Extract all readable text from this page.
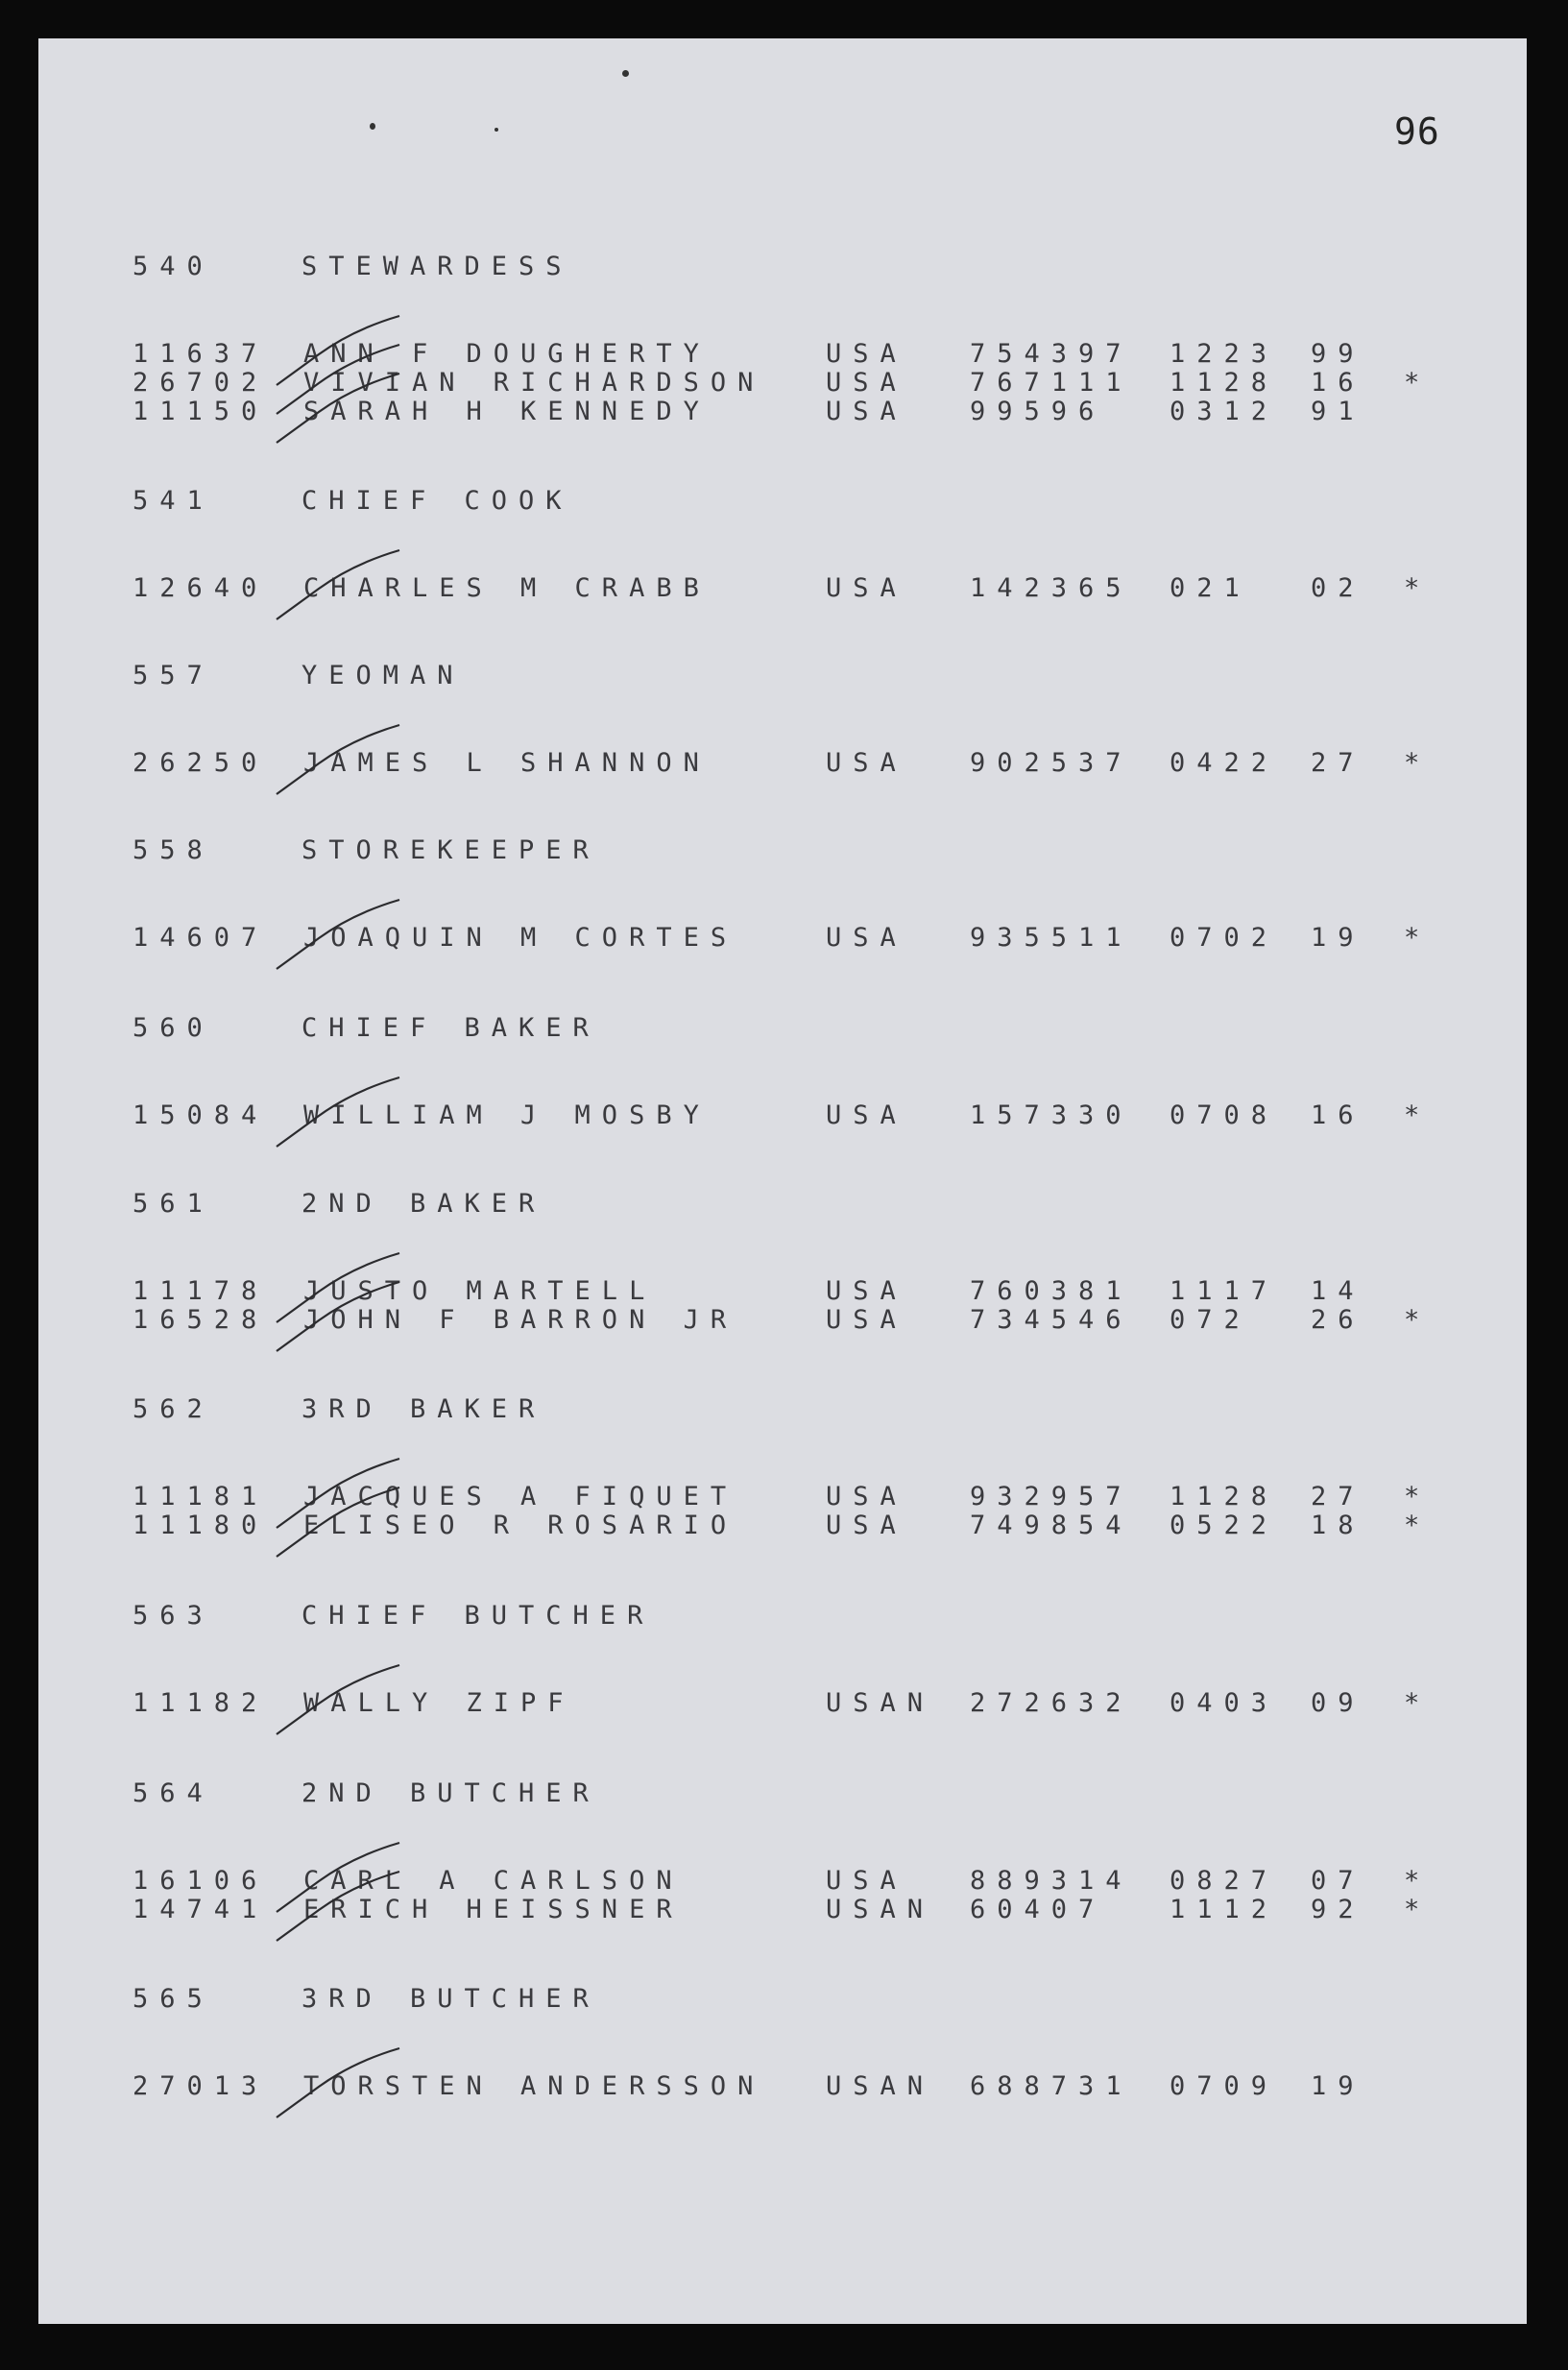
96
540	STEWARDESS
11637 ANN F DOUGHERTY	USA 754397 1223 99
26702 VIVIAN RICHARDSON USA 767111 1128 16 *
11150 SARAH H KENNEDY	USA 99596 0312 91
541	CHIEF COOK
12640 CHARLES M CRABB	USA 142365 021 02 *
557	YEOMAN
26250 JAMES L SHANNON	USA 902537 0422 27 *
558	STOREKEEPER
14607 JOAQUIN M CORTES	USA 935511 0702 19 *
560	CHIEF BAKER
15084 WILLIAM J MOSBY	USA 157330 0708 16 *
561	2ND BAKER
11178 JUSTO MARTELL	USA 760381 1117 14
16528 JOHN F BARRON JR	USA 734546 072 26 *
562	3RD BAKER
11181 JACQUES A FIQUET	USA 932957 1128 27 *
11180 ELISEO R ROSARIO	USA 749854 0522 18 *
563	CHIEF BUTCHER
11182 WALLY ZIPF	USAN 272632 0403 09 *
564	2ND BUTCHER
16106 CARL A CARLSON	USA 889314 0827 07 *
14741 ERICH HEISSNER	USAN 60407 1112 92 *
565	3RD BUTCHER
27013 TORSTEN ANDERSSON USAN 688731 0709 19
